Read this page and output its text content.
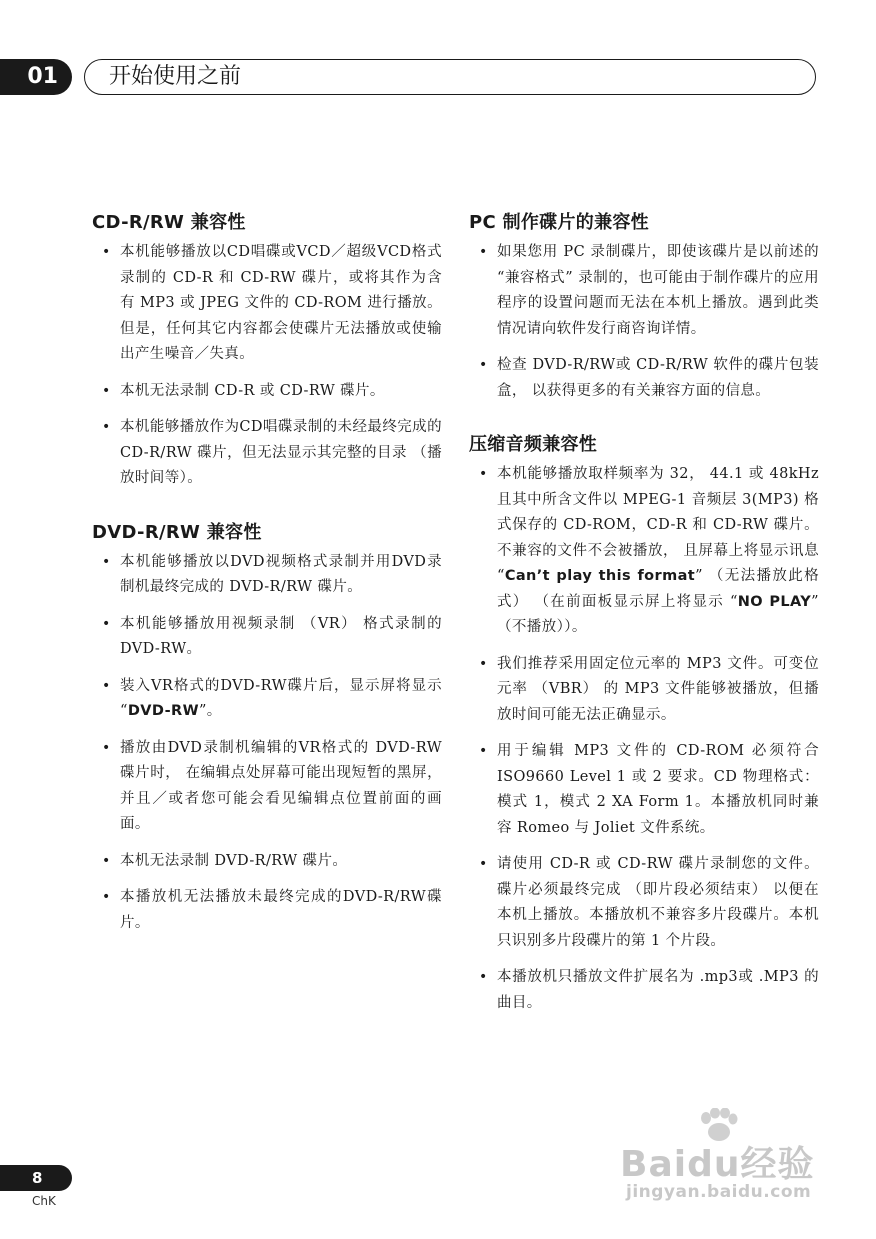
01	开始使用之前
CD-R/RW 兼容性
• 本机能够播放以CD唱碟或VCD／超级VCD格式录制的 CD-R 和 CD-RW 碟片，或将其作为含有 MP3 或 JPEG 文件的 CD-ROM 进行播放。但是，任何其它内容都会使碟片无法播放或使输出产生噪音／失真。
• 本机无法录制 CD-R 或 CD-RW 碟片。
• 本机能够播放作为CD唱碟录制的未经最终完成的 CD-R/RW 碟片，但无法显示其完整的目录 （播放时间等）。
DVD-R/RW 兼容性
• 本机能够播放以DVD视频格式录制并用DVD录制机最终完成的 DVD-R/RW 碟片。
• 本机能够播放用视频录制 （VR） 格式录制的 DVD-RW。
• 装入VR格式的DVD-RW碟片后，显示屏将显示 “DVD-RW”。
• 播放由DVD录制机编辑的VR格式的 DVD-RW 碟片时， 在编辑点处屏幕可能出现短暂的黑屏， 并且／或者您可能会看见编辑点位置前面的画面。
• 本机无法录制 DVD-R/RW 碟片。
• 本播放机无法播放未最终完成的DVD-R/RW碟片。
PC 制作碟片的兼容性
• 如果您用 PC 录制碟片，即使该碟片是以前述的 “兼容格式” 录制的，也可能由于制作碟片的应用程序的设置问题而无法在本机上播放。遇到此类情况请向软件发行商咨询详情。
• 检查 DVD-R/RW或 CD-R/RW 软件的碟片包装盒， 以获得更多的有关兼容方面的信息。
压缩音频兼容性
• 本机能够播放取样频率为 32， 44.1 或 48kHz 且其中所含文件以 MPEG-1 音频层 3(MP3) 格式保存的 CD-ROM，CD-R 和 CD-RW 碟片。不兼容的文件不会被播放， 且屏幕上将显示讯息 “Can’t play this format” （无法播放此格式） （在前面板显示屏上将显示 “NO PLAY” （不播放））。
• 我们推荐采用固定位元率的 MP3 文件。可变位元率 （VBR） 的 MP3 文件能够被播放，但播放时间可能无法正确显示。
• 用于编辑 MP3 文件的 CD-ROM 必须符合 ISO9660 Level 1 或 2 要求。CD 物理格式：模式 1，模式 2 XA Form 1。本播放机同时兼容 Romeo 与 Joliet 文件系统。
• 请使用 CD-R 或 CD-RW 碟片录制您的文件。碟片必须最终完成 （即片段必须结束） 以便在本机上播放。本播放机不兼容多片段碟片。本机只识别多片段碟片的第 1 个片段。
• 本播放机只播放文件扩展名为 .mp3或 .MP3 的曲目。
8
ChK
Baidu经验
jingyan.baidu.com
